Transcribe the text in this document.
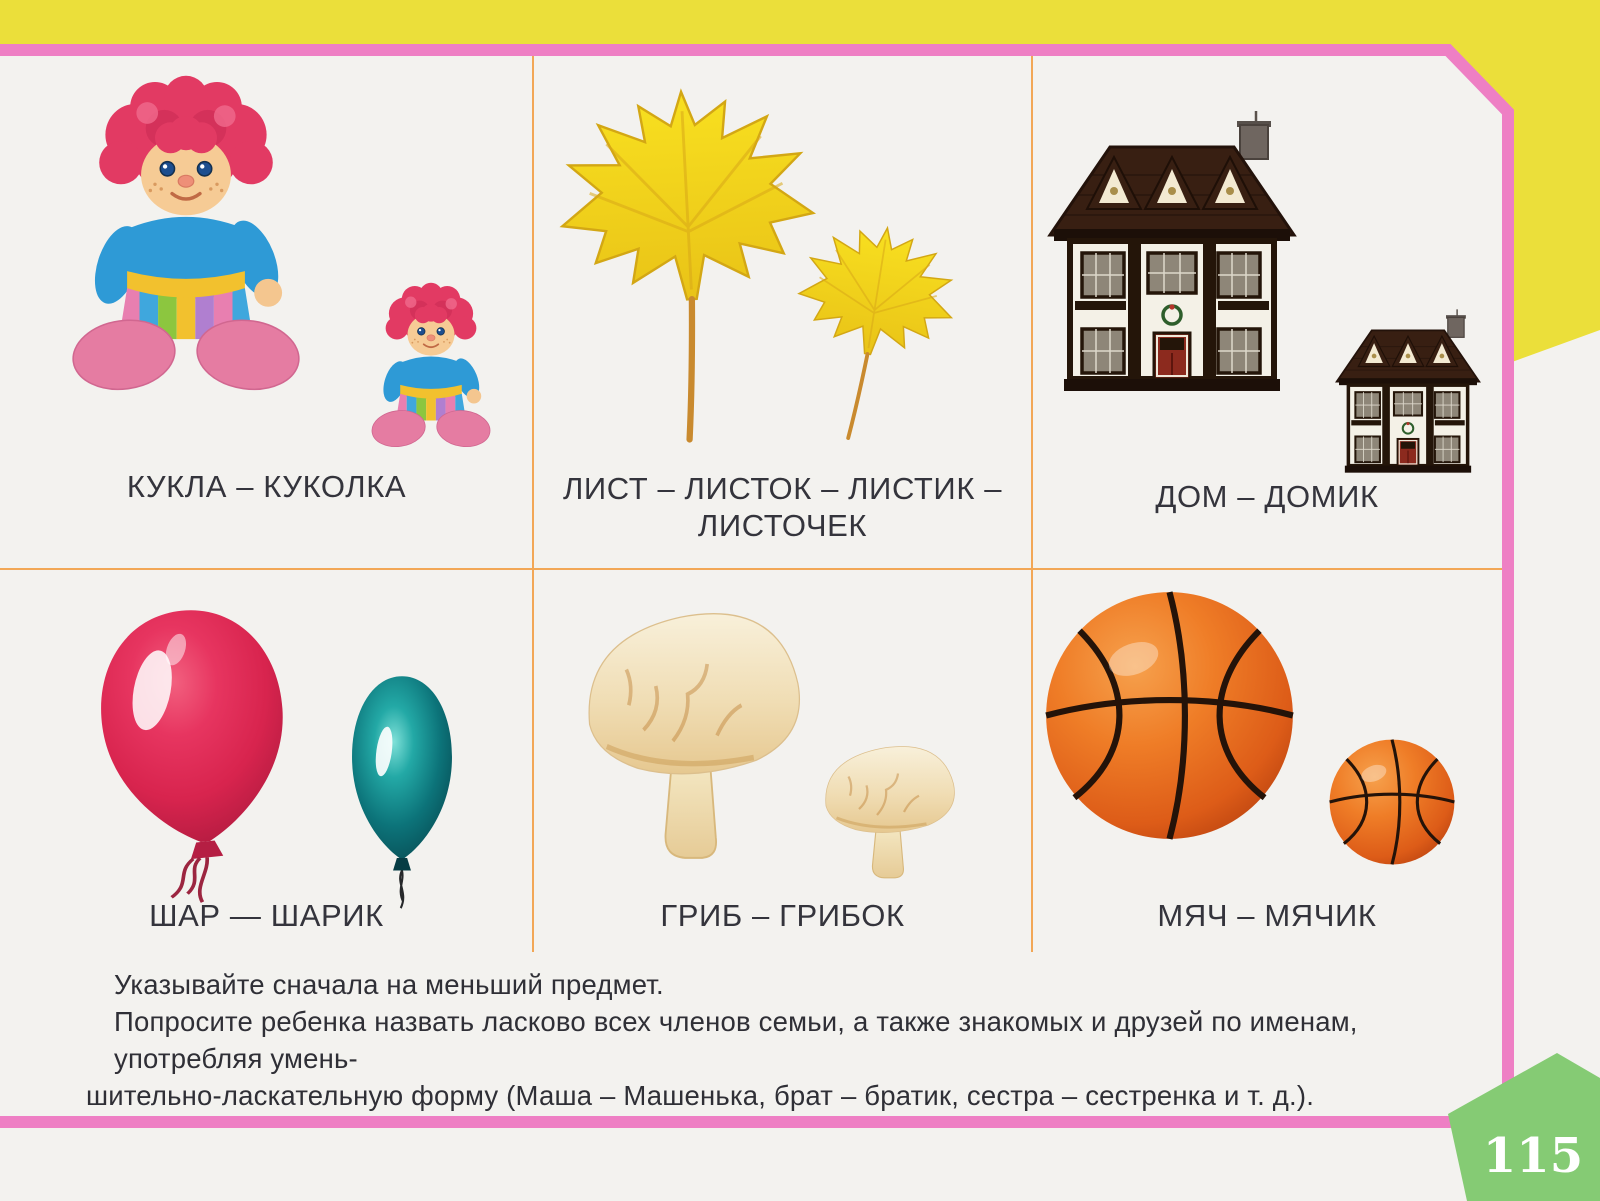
КУКЛА – КУКОЛКА	ЛИСТ – ЛИСТОК – ЛИСТИК –
ЛИСТОЧЕК
ДОМ – ДОМИК
ШАР — ШАРИК	ГРИБ – ГРИБОК	МЯЧ – МЯЧИК
Указывайте сначала на меньший предмет.
Попросите ребенка назвать ласково всех членов семьи, а также знакомых и друзей по именам, употребляя умень-
шительно-ласкательную форму (Маша – Машенька, брат – братик, сестра – сестренка и т. д.).
115
